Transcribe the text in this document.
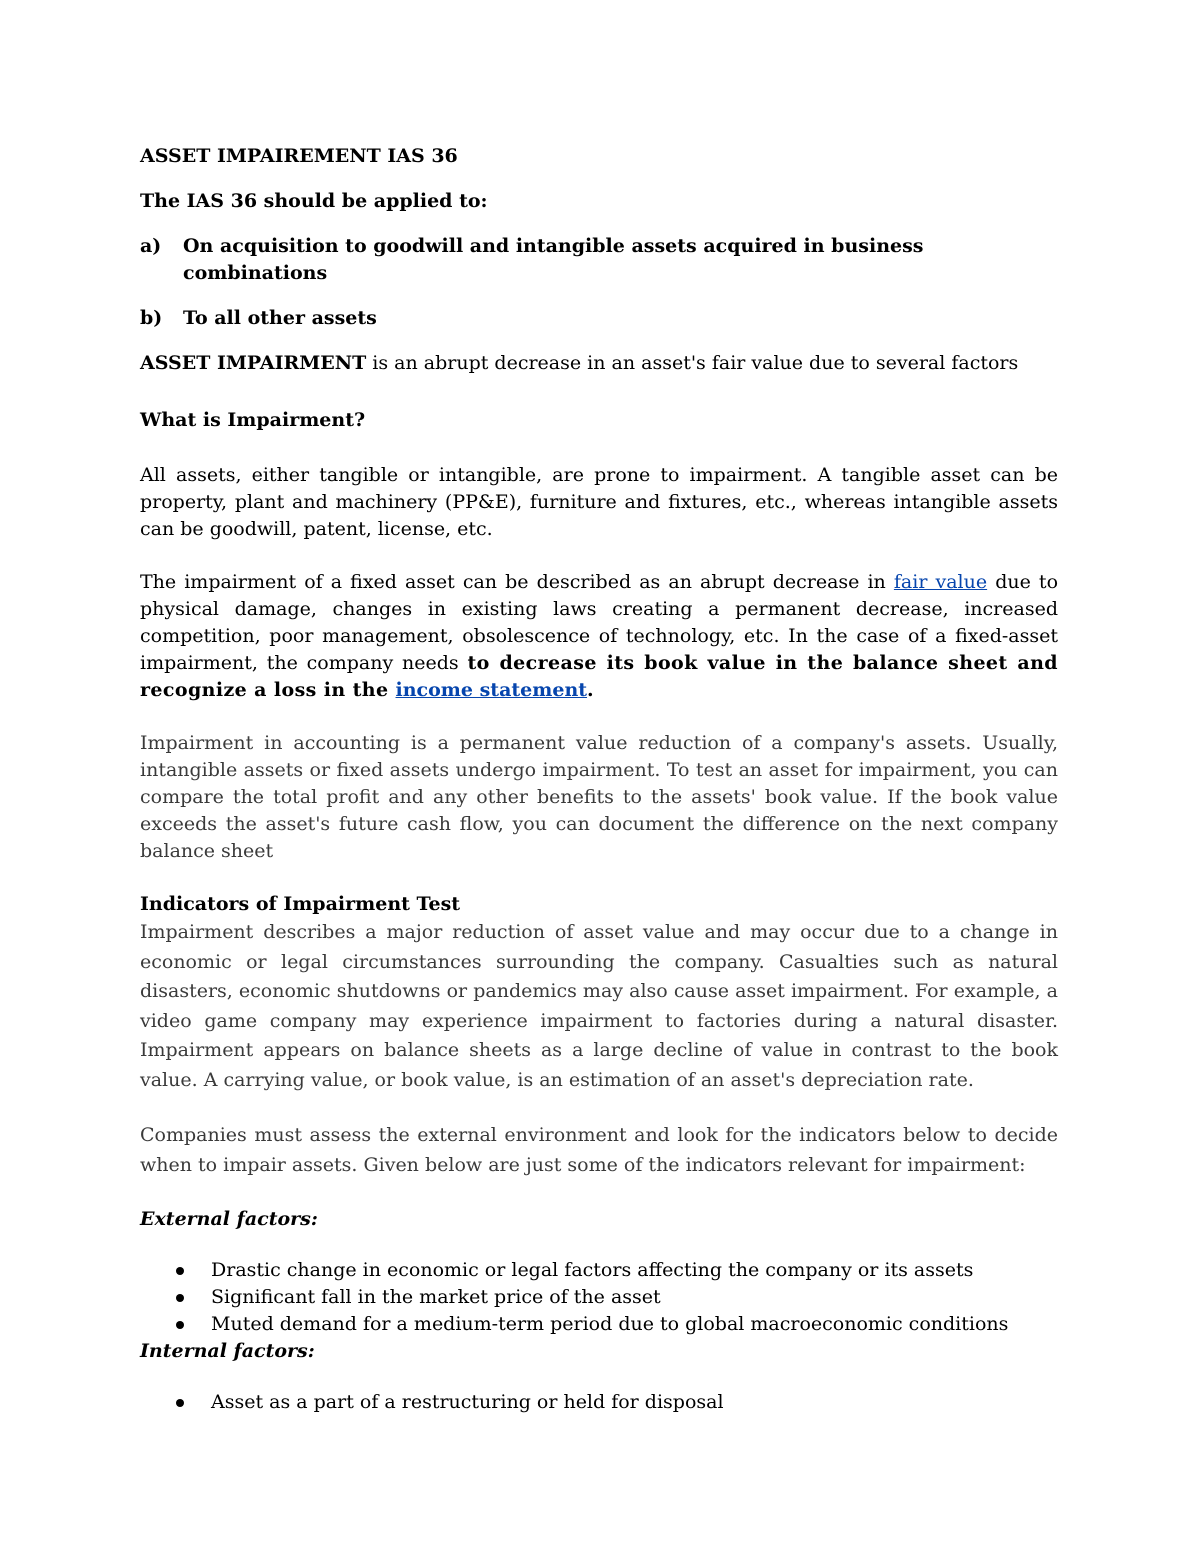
ASSET IMPAIREMENT IAS 36
The IAS 36 should be applied to:
a)	On acquisition to goodwill and intangible assets acquired in business combinations
b)	To all other assets
ASSET IMPAIRMENT is an abrupt decrease in an asset's fair value due to several factors
What is Impairment?
All assets, either tangible or intangible, are prone to impairment. A tangible asset can be property, plant and machinery (PP&E), furniture and fixtures, etc., whereas intangible assets can be goodwill, patent, license, etc.
The impairment of a fixed asset can be described as an abrupt decrease in fair value due to physical damage, changes in existing laws creating a permanent decrease, increased competition, poor management, obsolescence of technology, etc. In the case of a fixed-asset impairment, the company needs to decrease its book value in the balance sheet and recognize a loss in the income statement.
Impairment in accounting is a permanent value reduction of a company's assets. Usually, intangible assets or fixed assets undergo impairment. To test an asset for impairment, you can compare the total profit and any other benefits to the assets' book value. If the book value exceeds the asset's future cash flow, you can document the difference on the next company balance sheet
Indicators of Impairment Test
Impairment describes a major reduction of asset value and may occur due to a change in economic or legal circumstances surrounding the company. Casualties such as natural disasters, economic shutdowns or pandemics may also cause asset impairment. For example, a video game company may experience impairment to factories during a natural disaster. Impairment appears on balance sheets as a large decline of value in contrast to the book value. A carrying value, or book value, is an estimation of an asset's depreciation rate.
Companies must assess the external environment and look for the indicators below to decide when to impair assets. Given below are just some of the indicators relevant for impairment:
External factors:
Drastic change in economic or legal factors affecting the company or its assets
Significant fall in the market price of the asset
Muted demand for a medium-term period due to global macroeconomic conditions
Internal factors:
Asset as a part of a restructuring or held for disposal
